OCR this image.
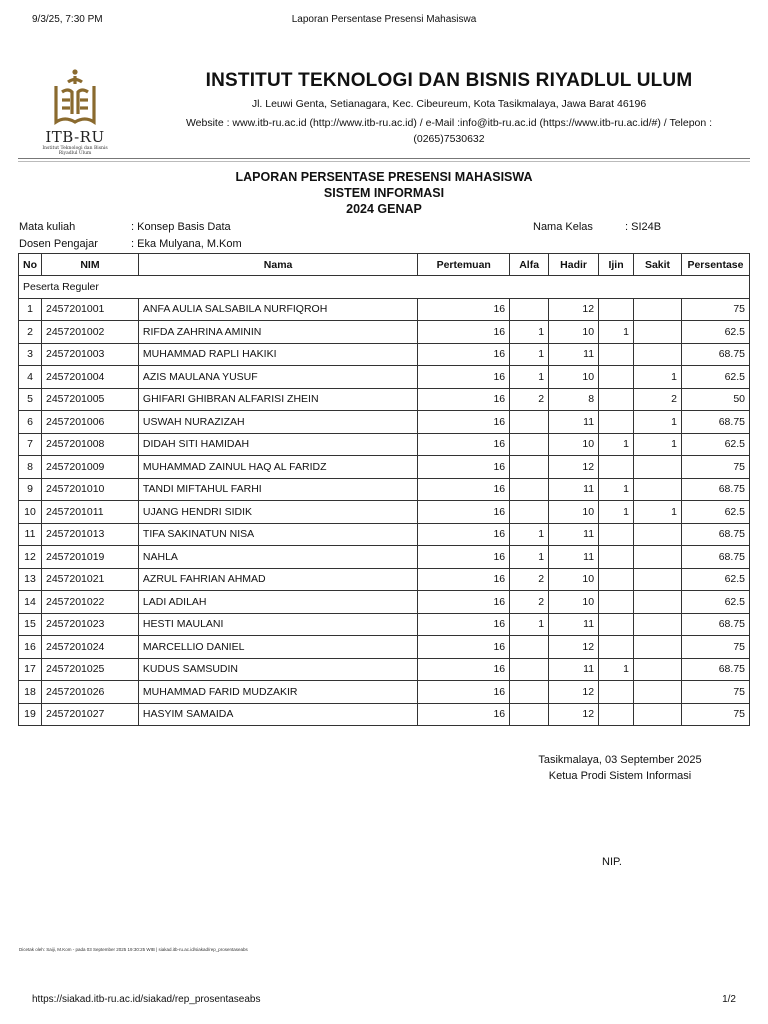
9/3/25, 7:30 PM	Laporan Persentase Presensi Mahasiswa
ITB-RU
Institut Teknologi dan Bisnis
Riyadlul Ulum
INSTITUT TEKNOLOGI DAN BISNIS RIYADLUL ULUM
Jl. Leuwi Genta, Setianagara, Kec. Cibeureum, Kota Tasikmalaya, Jawa Barat 46196
Website : www.itb-ru.ac.id (http://www.itb-ru.ac.id) / e-Mail :info@itb-ru.ac.id (https://www.itb-ru.ac.id/#) / Telepon :
(0265)7530632
LAPORAN PERSENTASE PRESENSI MAHASISWA
SISTEM INFORMASI
2024 GENAP
Mata kuliah	: Konsep Basis Data	Nama Kelas	: SI24B
Dosen Pengajar	: Eka Mulyana, M.Kom
No	NIM	Nama	Pertemuan	Alfa	Hadir	Ijin	Sakit	Persentase
Peserta Reguler								
1	2457201001	ANFA AULIA SALSABILA NURFIQROH	16		12			75
2	2457201002	RIFDA ZAHRINA AMININ	16	1	10	1		62.5
3	2457201003	MUHAMMAD RAPLI HAKIKI	16	1	11			68.75
4	2457201004	AZIS MAULANA YUSUF	16	1	10		1	62.5
5	2457201005	GHIFARI GHIBRAN ALFARISI ZHEIN	16	2	8		2	50
6	2457201006	USWAH NURAZIZAH	16		11		1	68.75
7	2457201008	DIDAH SITI HAMIDAH	16		10	1	1	62.5
8	2457201009	MUHAMMAD ZAINUL HAQ AL FARIDZ	16		12			75
9	2457201010	TANDI MIFTAHUL FARHI	16		11	1		68.75
10	2457201011	UJANG HENDRI SIDIK	16		10	1	1	62.5
11	2457201013	TIFA SAKINATUN NISA	16	1	11			68.75
12	2457201019	NAHLA	16	1	11			68.75
13	2457201021	AZRUL FAHRIAN AHMAD	16	2	10			62.5
14	2457201022	LADI ADILAH	16	2	10			62.5
15	2457201023	HESTI MAULANI	16	1	11			68.75
16	2457201024	MARCELLIO DANIEL	16		12			75
17	2457201025	KUDUS SAMSUDIN	16		11	1		68.75
18	2457201026	MUHAMMAD FARID MUDZAKIR	16		12			75
19	2457201027	HASYIM SAMAIDA	16		12			75
Tasikmalaya, 03 September 2025
Ketua Prodi Sistem Informasi
NIP.
Dicetak oleh: Saiji, M.Kom - pada 03 September 2025 19:30:25 WIB | siakad.itb-ru.ac.id/siakad/rep_prosentaseabs
https://siakad.itb-ru.ac.id/siakad/rep_prosentaseabs	1/2
